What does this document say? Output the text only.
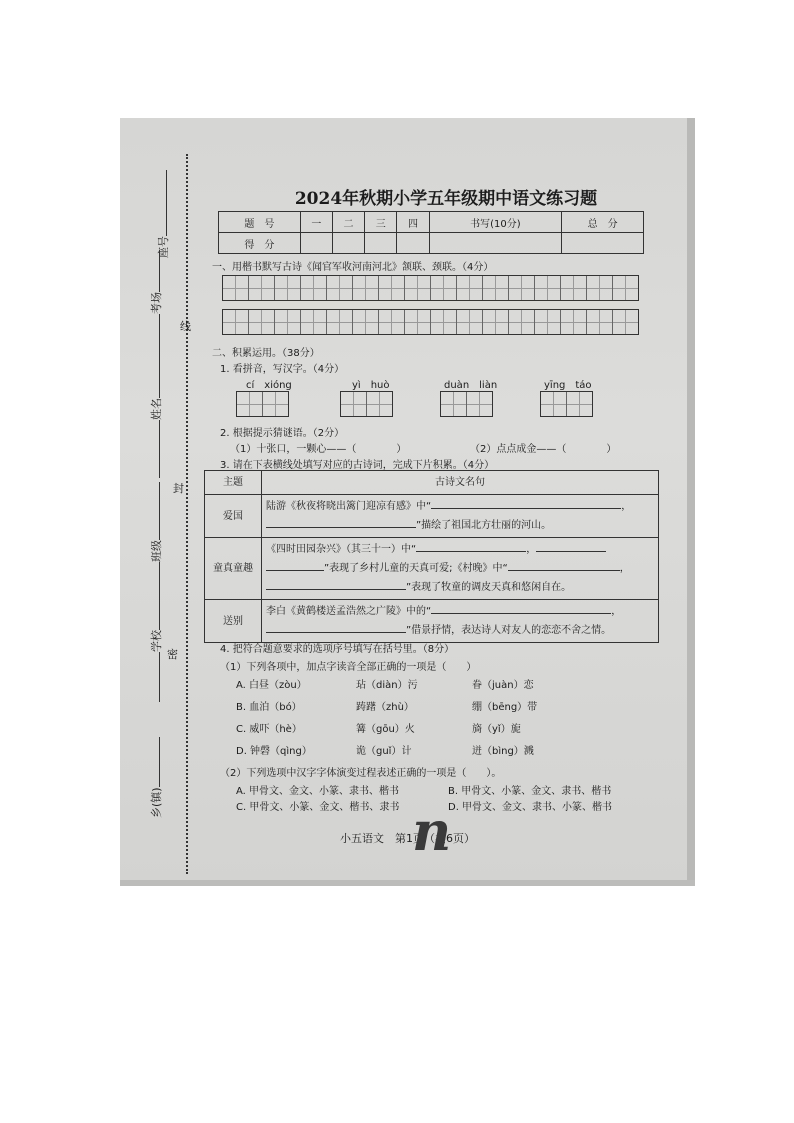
线
封
密
座号
考场
姓名
班级
学校
乡(镇)
2024年秋期小学五年级期中语文练习题
题　号	一	二	三	四	书写(10分)	总　分
得　分						
一、用楷书默写古诗《闻官军收河南河北》颔联、颈联。（4分）
二、积累运用。（38分）
1. 看拼音，写汉字。（4分）
cí　xióng	yì　huò	duàn　liàn	yīng　táo
2. 根据提示猜谜语。（2分）
（1）十张口，一颗心——（　　　　）	（2）点点成金——（　　　　）
3. 请在下表横线处填写对应的古诗词，完成下片积累。（4分）
主题	古诗文名句
爱国	陆游《秋夜将晓出篱门迎凉有感》中“ ，
”描绘了祖国北方壮丽的河山。

童真童趣	《四时田园杂兴》（其三十一）中“ ，
”表现了乡村儿童的天真可爱;《村晚》中“ ，
”表现了牧童的调皮天真和悠闲自在。

送别	李白《黄鹤楼送孟浩然之广陵》中的“ ，
”借景抒情，表达诗人对友人的恋恋不舍之情。
4. 把符合题意要求的选项序号填写在括号里。（8分）
（1）下列各项中，加点字读音全部正确的一项是（　　）
A. 白昼（zòu）	玷（diàn）污	眷（juàn）恋
B. 血泊（bó）	踌躇（zhù）	绷（bēng）带
C. 威吓（hè）	篝（gōu）火	旖（yǐ）旎
D. 钟磬（qìng）	诡（guǐ）计	迸（bìng）溅
（2）下列选项中汉字字体演变过程表述正确的一项是（　　）。
A. 甲骨文、金文、小篆、隶书、楷书	B. 甲骨文、小篆、金文、隶书、楷书
C. 甲骨文、小篆、金文、楷书、隶书	D. 甲骨文、金文、隶书、小篆、楷书
小五语文　第1页（共6页）
n
